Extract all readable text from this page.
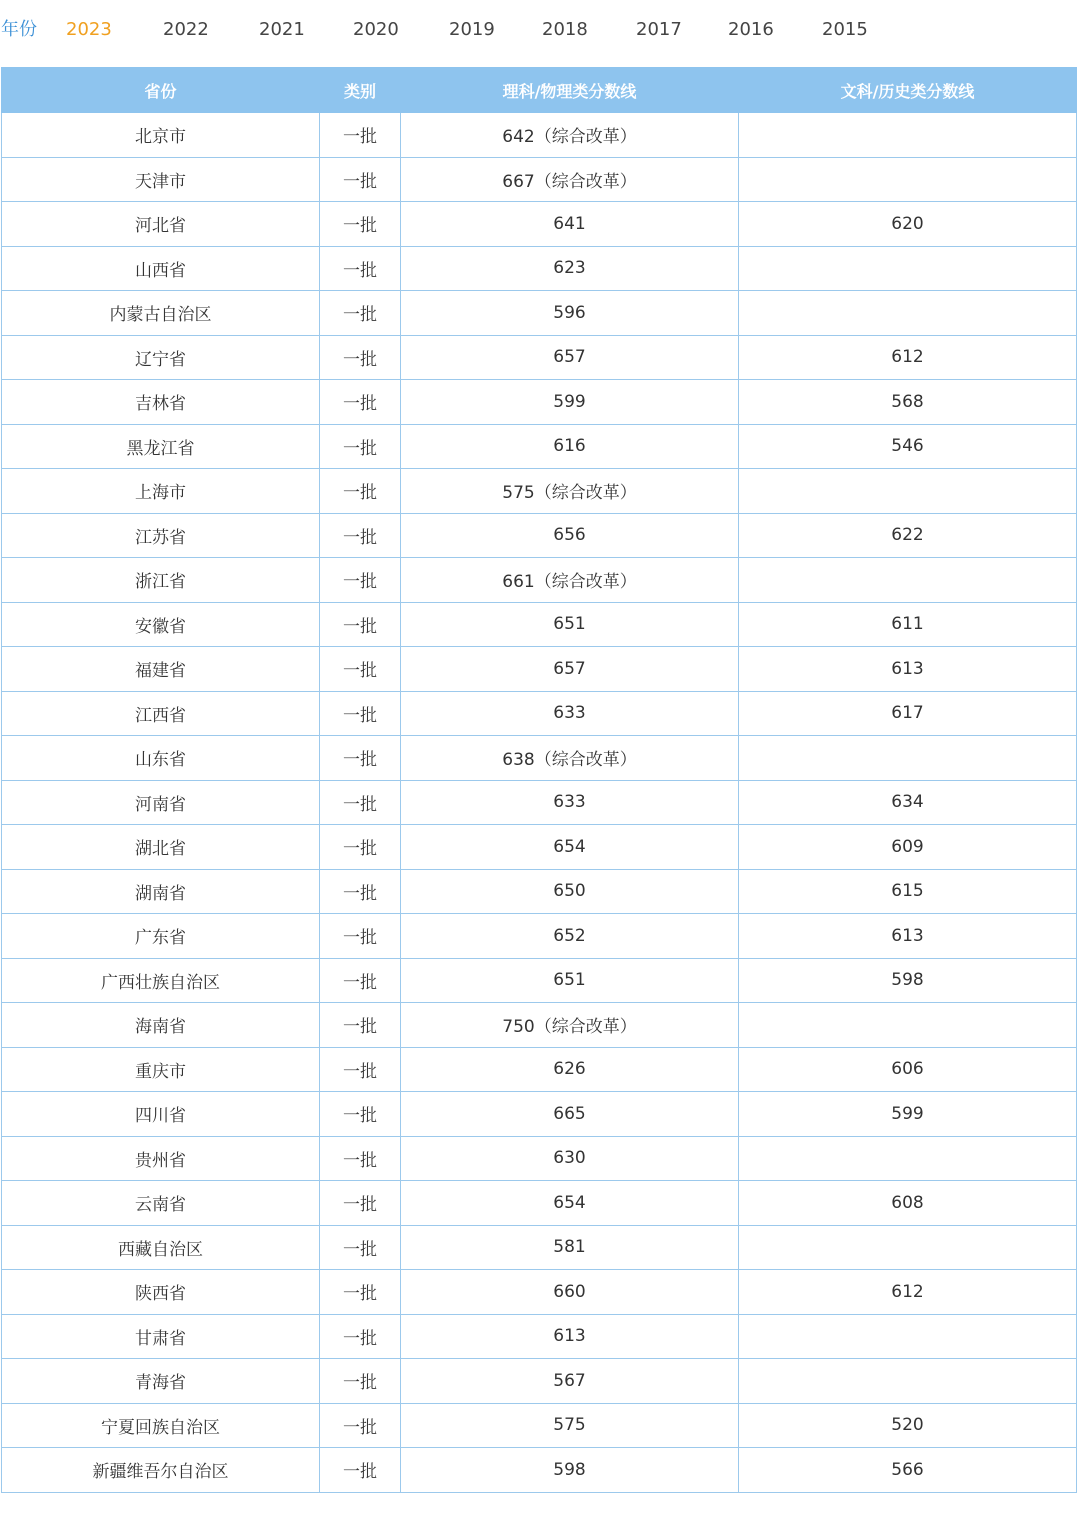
年份 2023	2022	2021	2020	2019	2018	2017	2016	2015
省份	类别	理科/物理类分数线	文科/历史类分数线
北京市	一批	642（综合改革）	
天津市	一批	667（综合改革）	
河北省	一批	641	620
山西省	一批	623	
内蒙古自治区	一批	596	
辽宁省	一批	657	612
吉林省	一批	599	568
黑龙江省	一批	616	546
上海市	一批	575（综合改革）	
江苏省	一批	656	622
浙江省	一批	661（综合改革）	
安徽省	一批	651	611
福建省	一批	657	613
江西省	一批	633	617
山东省	一批	638（综合改革）	
河南省	一批	633	634
湖北省	一批	654	609
湖南省	一批	650	615
广东省	一批	652	613
广西壮族自治区	一批	651	598
海南省	一批	750（综合改革）	
重庆市	一批	626	606
四川省	一批	665	599
贵州省	一批	630	
云南省	一批	654	608
西藏自治区	一批	581	
陕西省	一批	660	612
甘肃省	一批	613	
青海省	一批	567	
宁夏回族自治区	一批	575	520
新疆维吾尔自治区	一批	598	566
